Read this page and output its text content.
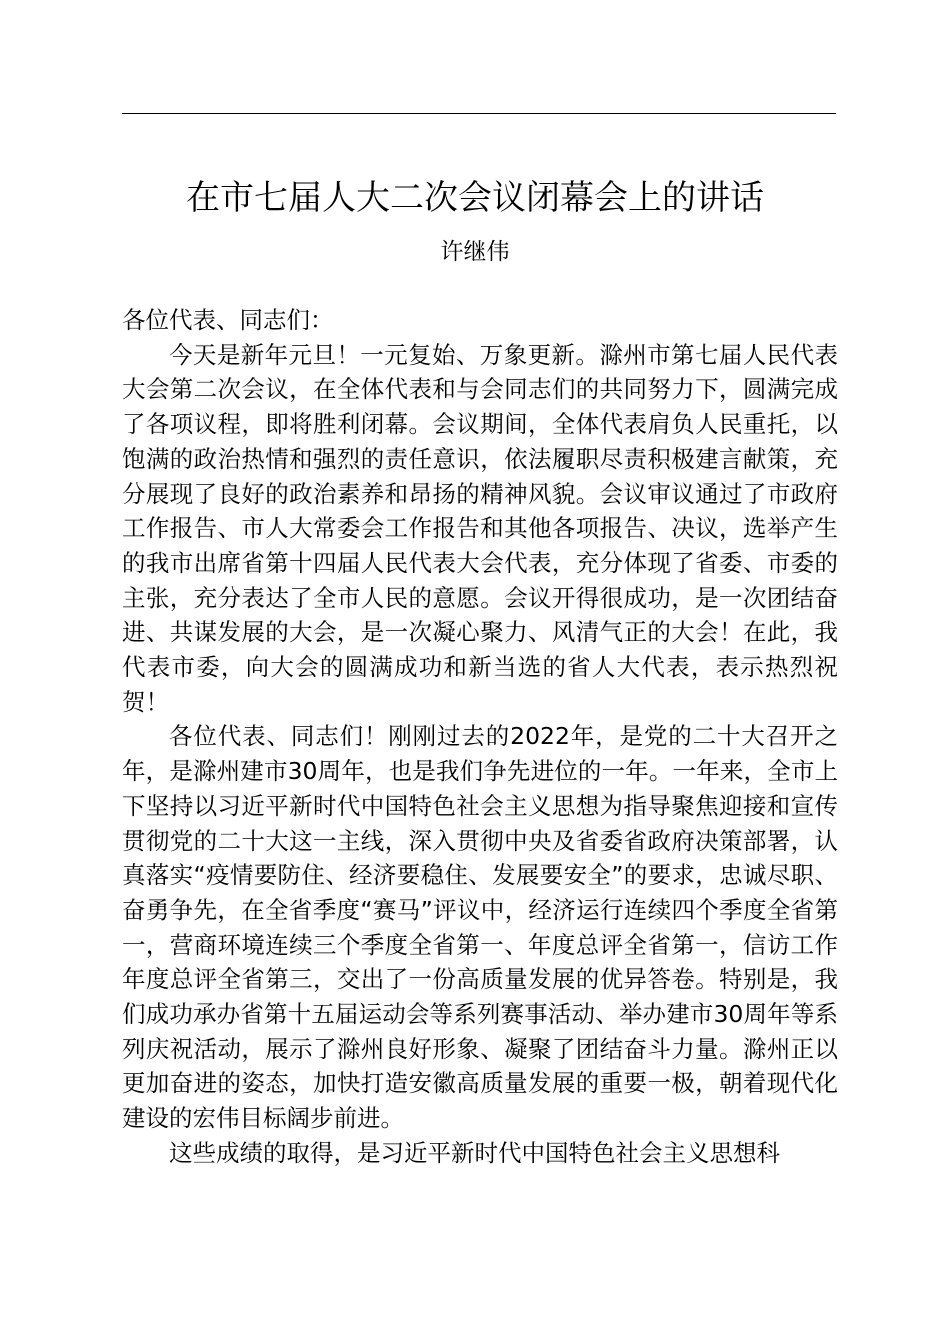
在市七届人大二次会议闭幕会上的讲话
许继伟

各位代表、同志们：

今天是新年元旦！一元复始、万象更新。滁州市第七届人民代表大会第二次会议，在全体代表和与会同志们的共同努力下，圆满完成了各项议程，即将胜利闭幕。会议期间，全体代表肩负人民重托，以饱满的政治热情和强烈的责任意识，依法履职尽责积极建言献策，充分展现了良好的政治素养和昂扬的精神风貌。会议审议通过了市政府工作报告、市人大常委会工作报告和其他各项报告、决议，选举产生的我市出席省第十四届人民代表大会代表，充分体现了省委、市委的主张，充分表达了全市人民的意愿。会议开得很成功，是一次团结奋进、共谋发展的大会，是一次凝心聚力、风清气正的大会！在此，我代表市委，向大会的圆满成功和新当选的省人大代表，表示热烈祝贺！

各位代表、同志们！刚刚过去的2022年，是党的二十大召开之年，是滁州建市30周年，也是我们争先进位的一年。一年来，全市上下坚持以习近平新时代中国特色社会主义思想为指导聚焦迎接和宣传贯彻党的二十大这一主线，深入贯彻中央及省委省政府决策部署，认真落实“疫情要防住、经济要稳住、发展要安全”的要求，忠诚尽职、奋勇争先，在全省季度“赛马”评议中，经济运行连续四个季度全省第一，营商环境连续三个季度全省第一、年度总评全省第一，信访工作年度总评全省第三，交出了一份高质量发展的优异答卷。特别是，我们成功承办省第十五届运动会等系列赛事活动、举办建市30周年等系列庆祝活动，展示了滁州良好形象、凝聚了团结奋斗力量。滁州正以更加奋进的姿态，加快打造安徽高质量发展的重要一极，朝着现代化建设的宏伟目标阔步前进。

这些成绩的取得，是习近平新时代中国特色社会主义思想科
